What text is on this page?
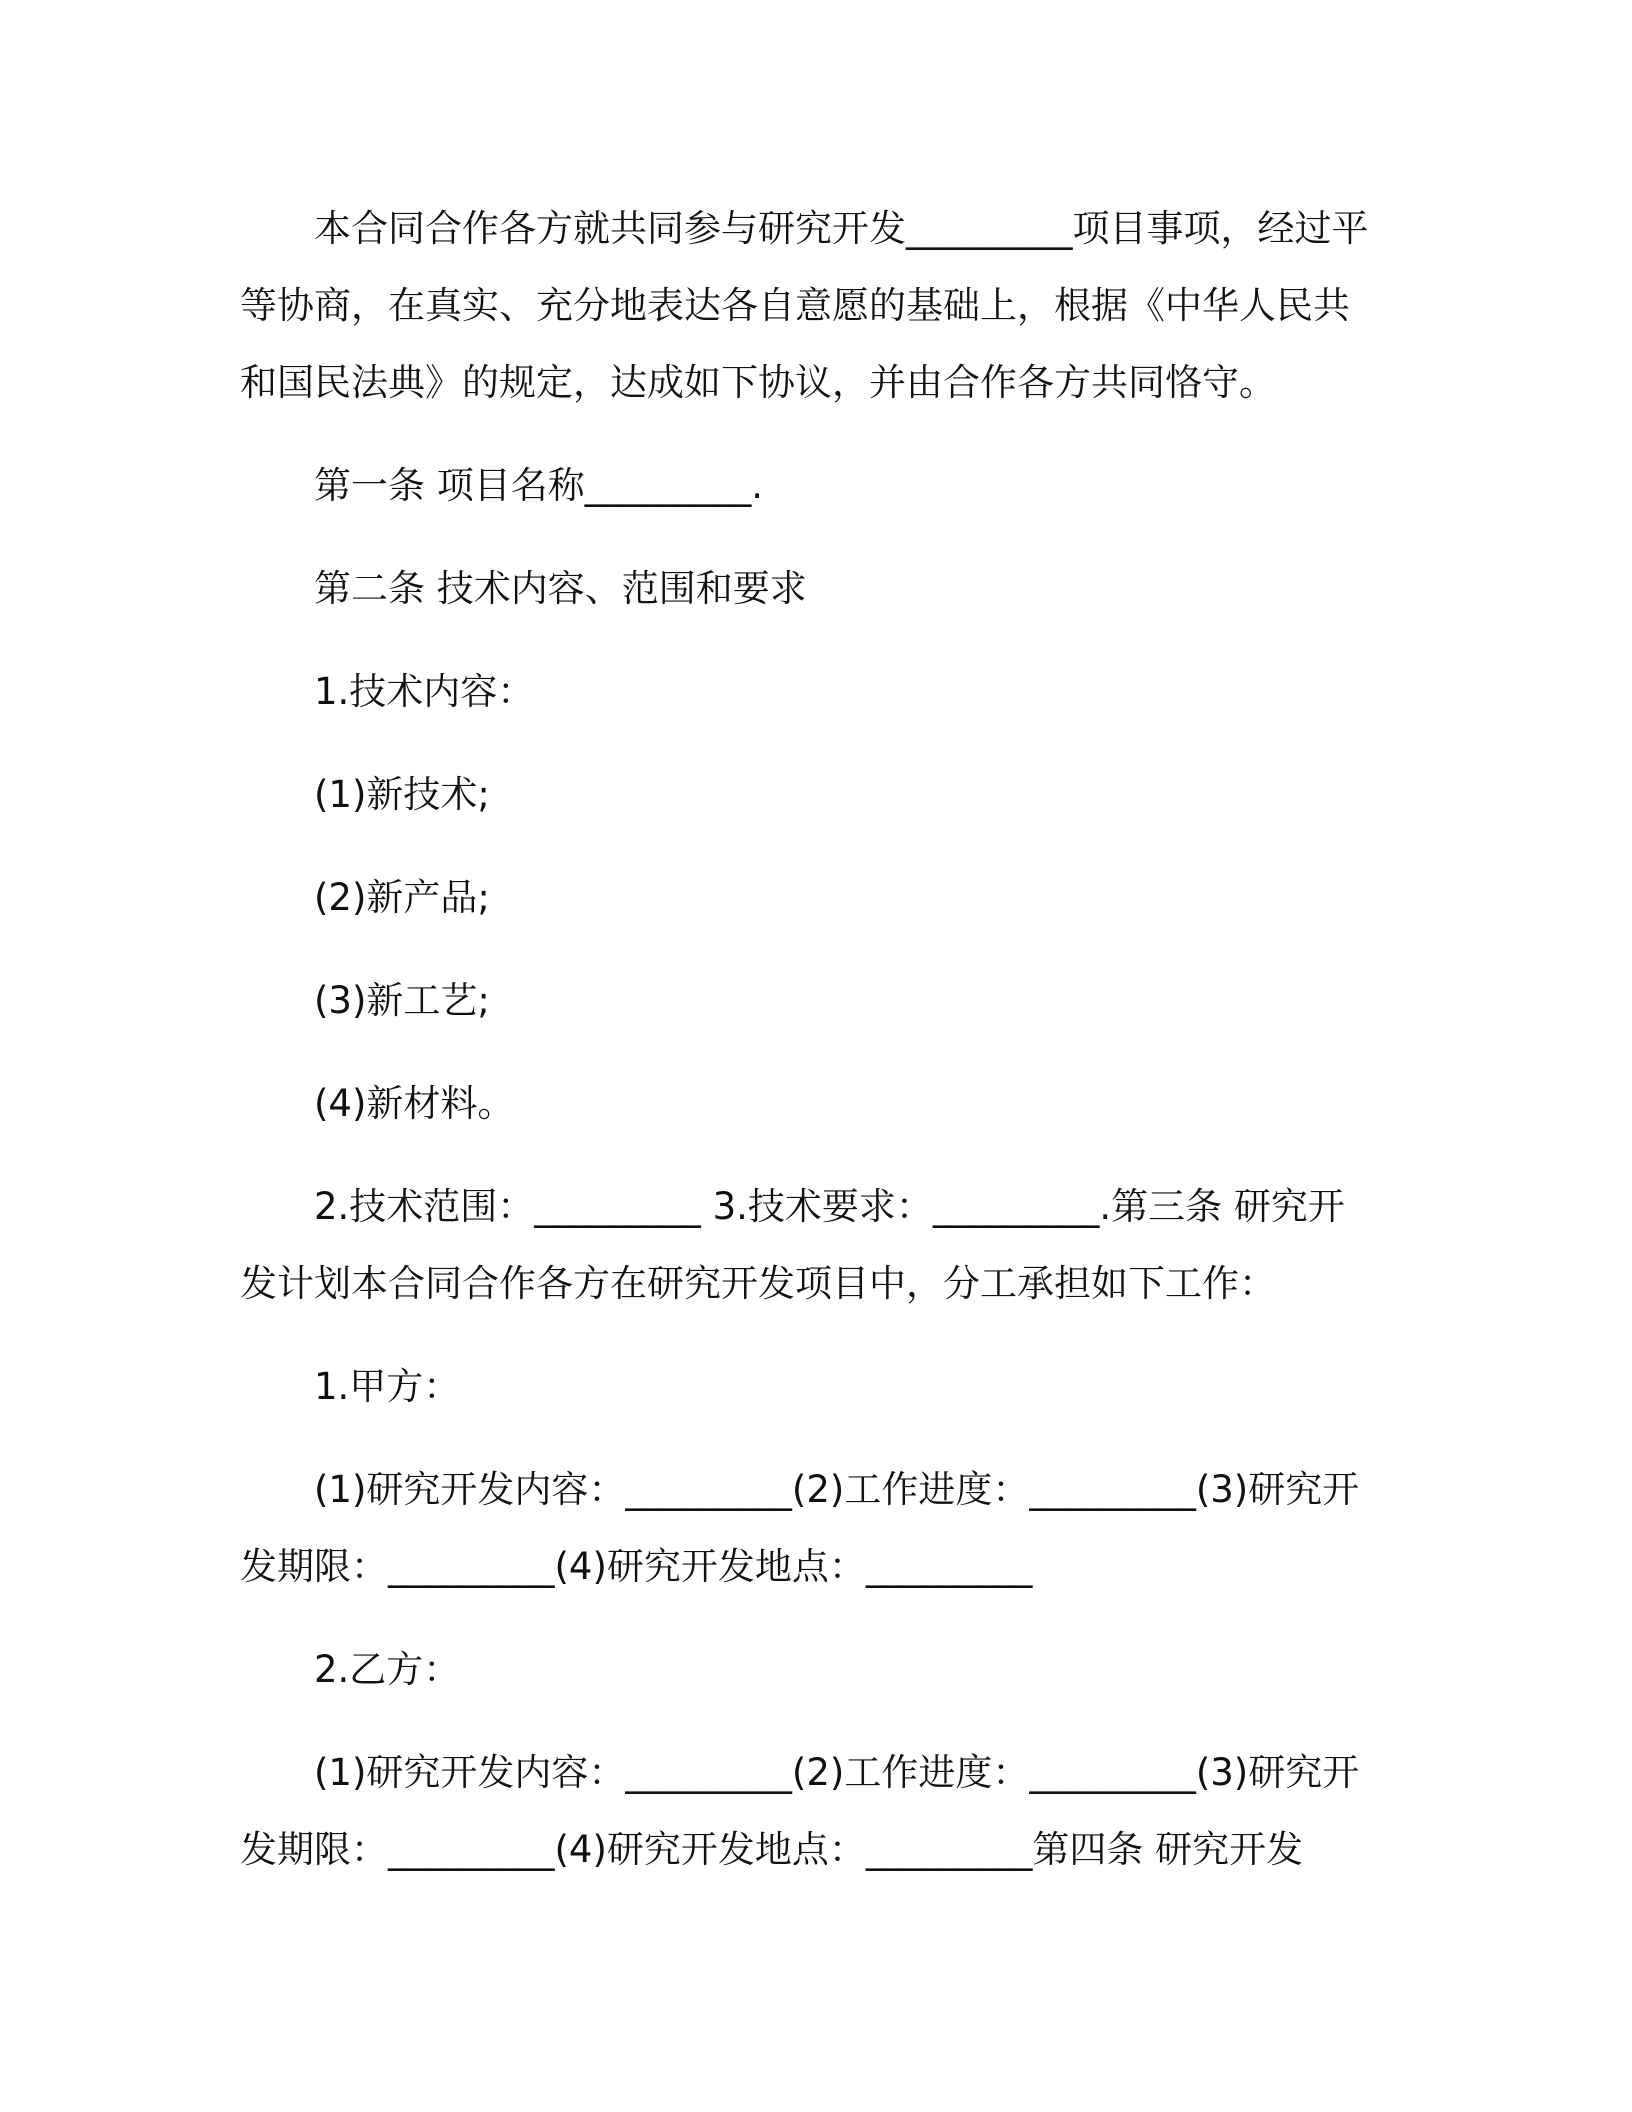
本合同合作各方就共同参与研究开发_________项目事项，经过平等协商，在真实、充分地表达各自意愿的基础上，根据《中华人民共和国民法典》的规定，达成如下协议，并由合作各方共同恪守。

第一条 项目名称_________.

第二条 技术内容、范围和要求

1.技术内容：

(1)新技术;

(2)新产品;

(3)新工艺;

(4)新材料。

2.技术范围：_________ 3.技术要求：_________.第三条 研究开发计划本合同合作各方在研究开发项目中，分工承担如下工作：

1.甲方：

(1)研究开发内容：_________(2)工作进度：_________(3)研究开发期限：_________(4)研究开发地点：_________

2.乙方：

(1)研究开发内容：_________(2)工作进度：_________(3)研究开发期限：_________(4)研究开发地点：_________第四条 研究开发
